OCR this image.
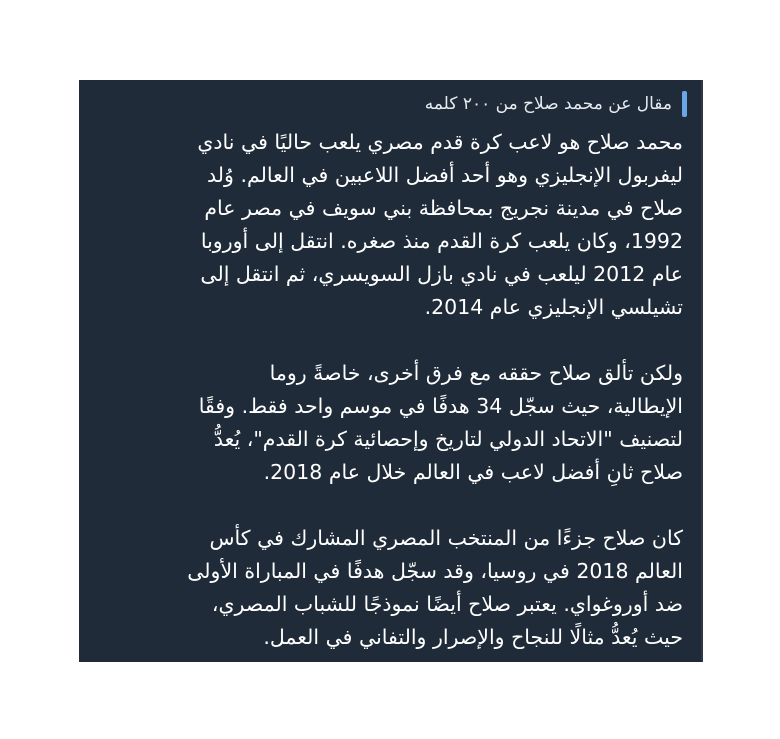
مقال عن محمد صلاح من ٢٠٠ كلمه

محمد صلاح هو لاعب كرة قدم مصري يلعب حاليًا في نادي
ليفربول الإنجليزي وهو أحد أفضل اللاعبين في العالم. وُلد
صلاح في مدينة نجريج بمحافظة بني سويف في مصر عام
1992، وكان يلعب كرة القدم منذ صغره. انتقل إلى أوروبا
عام 2012 ليلعب في نادي بازل السويسري، ثم انتقل إلى
تشيلسي الإنجليزي عام 2014.

ولكن تألق صلاح حققه مع فرق أخرى، خاصةً روما
الإيطالية، حيث سجّل 34 هدفًا في موسم واحد فقط. وفقًا
لتصنيف "الاتحاد الدولي لتاريخ وإحصائية كرة القدم"، يُعدُّ
صلاح ثانِ أفضل لاعب في العالم خلال عام 2018.

كان صلاح جزءًا من المنتخب المصري المشارك في كأس
العالم 2018 في روسيا، وقد سجّل هدفًا في المباراة الأولى
ضد أوروغواي. يعتبر صلاح أيضًا نموذجًا للشباب المصري،
حيث يُعدُّ مثالًا للنجاح والإصرار والتفاني في العمل.
